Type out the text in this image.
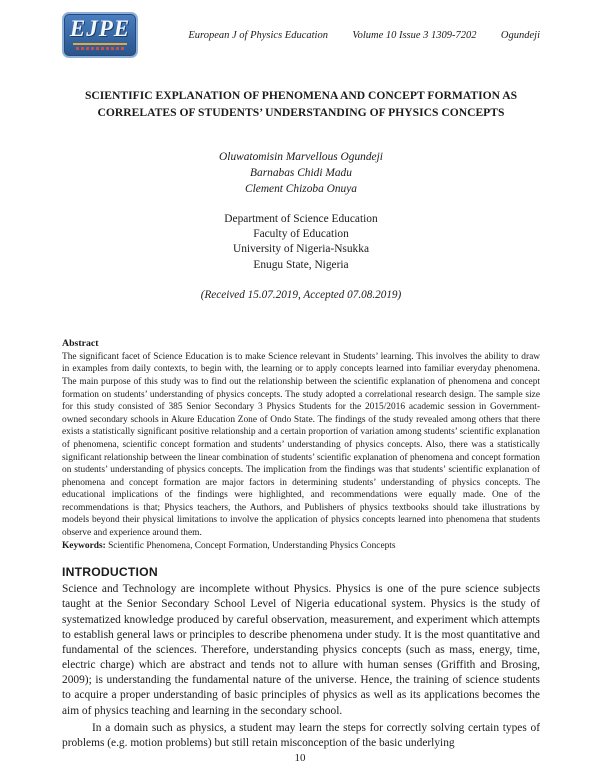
EJPE	European J of Physics Education Volume 10 Issue 3 1309-7202 Ogundeji
SCIENTIFIC EXPLANATION OF PHENOMENA AND CONCEPT FORMATION AS CORRELATES OF STUDENTS’ UNDERSTANDING OF PHYSICS CONCEPTS
Oluwatomisin Marvellous Ogundeji
Barnabas Chidi Madu
Clement Chizoba Onuya
Department of Science Education
Faculty of Education
University of Nigeria-Nsukka
Enugu State, Nigeria
(Received 15.07.2019, Accepted 07.08.2019)
Abstract
The significant facet of Science Education is to make Science relevant in Students’ learning. This involves the ability to draw in examples from daily contexts, to begin with, the learning or to apply concepts learned into familiar everyday phenomena. The main purpose of this study was to find out the relationship between the scientific explanation of phenomena and concept formation on students’ understanding of physics concepts. The study adopted a correlational research design. The sample size for this study consisted of 385 Senior Secondary 3 Physics Students for the 2015/2016 academic session in Government-owned secondary schools in Akure Education Zone of Ondo State. The findings of the study revealed among others that there exists a statistically significant positive relationship and a certain proportion of variation among students’ scientific explanation of phenomena, scientific concept formation and students’ understanding of physics concepts. Also, there was a statistically significant relationship between the linear combination of students’ scientific explanation of phenomena and concept formation on students’ understanding of physics concepts. The implication from the findings was that students’ scientific explanation of phenomena and concept formation are major factors in determining students’ understanding of physics concepts. The educational implications of the findings were highlighted, and recommendations were equally made. One of the recommendations is that; Physics teachers, the Authors, and Publishers of physics textbooks should take illustrations by models beyond their physical limitations to involve the application of physics concepts learned into phenomena that students observe and experience around them.
Keywords: Scientific Phenomena, Concept Formation, Understanding Physics Concepts
INTRODUCTION

Science and Technology are incomplete without Physics. Physics is one of the pure science subjects taught at the Senior Secondary School Level of Nigeria educational system. Physics is the study of systematized knowledge produced by careful observation, measurement, and experiment which attempts to establish general laws or principles to describe phenomena under study. It is the most quantitative and fundamental of the sciences. Therefore, understanding physics concepts (such as mass, energy, time, electric charge) which are abstract and tends not to allure with human senses (Griffith and Brosing, 2009); is understanding the fundamental nature of the universe. Hence, the training of science students to acquire a proper understanding of basic principles of physics as well as its applications becomes the aim of physics teaching and learning in the secondary school.

In a domain such as physics, a student may learn the steps for correctly solving certain types of problems (e.g. motion problems) but still retain misconception of the basic underlying

10
